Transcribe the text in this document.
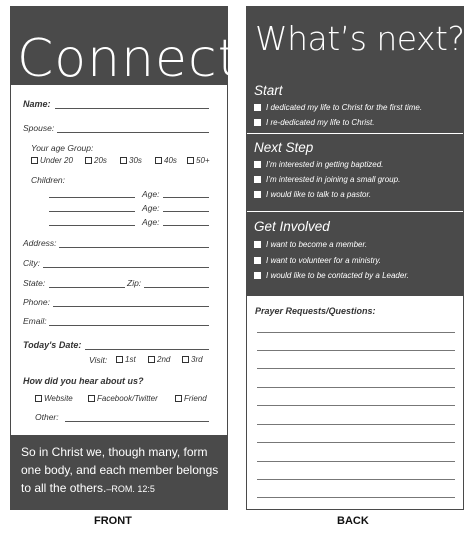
Connect
Name:
Spouse:
Your age Group:
Under 20	20s	30s	40s	50+
Children:
Age:
Age:
Age:
Address:
City:
State:	Zip:
Phone:
Email:
Today's Date:
Visit:	1st	2nd	3rd
How did you hear about us?
Website	Facebook/Twitter	Friend
Other:
So in Christ we, though many, form one body, and each member belongs to all the others.–ROM. 12:5
What’s next?
Start
I dedicated my life to Christ for the first time.
I re-dedicated my life to Christ.
Next Step
I’m interested in getting baptized.
I’m interested in joining a small group.
I would like to talk to a pastor.
Get Involved
I want to become a member.
I want to volunteer for a ministry.
I would like to be contacted by a Leader.
Prayer Requests/Questions:
FRONT	BACK
